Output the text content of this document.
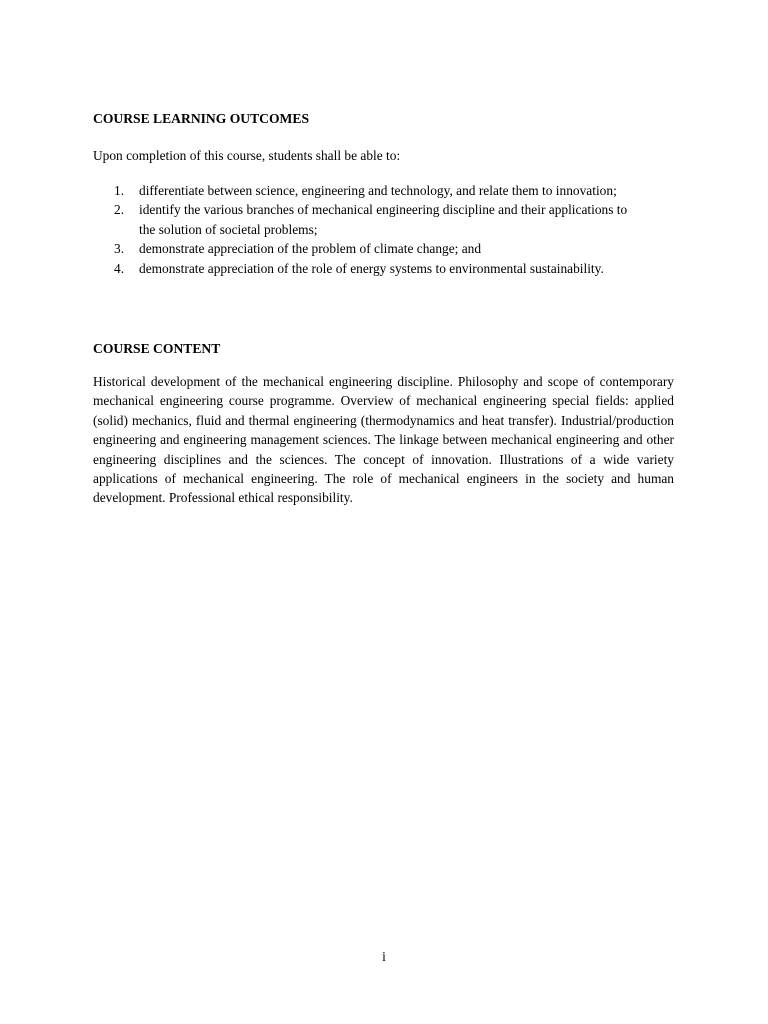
COURSE LEARNING OUTCOMES

Upon completion of this course, students shall be able to:

1. differentiate between science, engineering and technology, and relate them to innovation;
2. identify the various branches of mechanical engineering discipline and their applications to the solution of societal problems;
3. demonstrate appreciation of the problem of climate change; and
4. demonstrate appreciation of the role of energy systems to environmental sustainability.
COURSE CONTENT

Historical development of the mechanical engineering discipline. Philosophy and scope of contemporary mechanical engineering course programme. Overview of mechanical engineering special fields: applied (solid) mechanics, fluid and thermal engineering (thermodynamics and heat transfer). Industrial/production engineering and engineering management sciences. The linkage between mechanical engineering and other engineering disciplines and the sciences. The concept of innovation. Illustrations of a wide variety applications of mechanical engineering. The role of mechanical engineers in the society and human development. Professional ethical responsibility.

i
